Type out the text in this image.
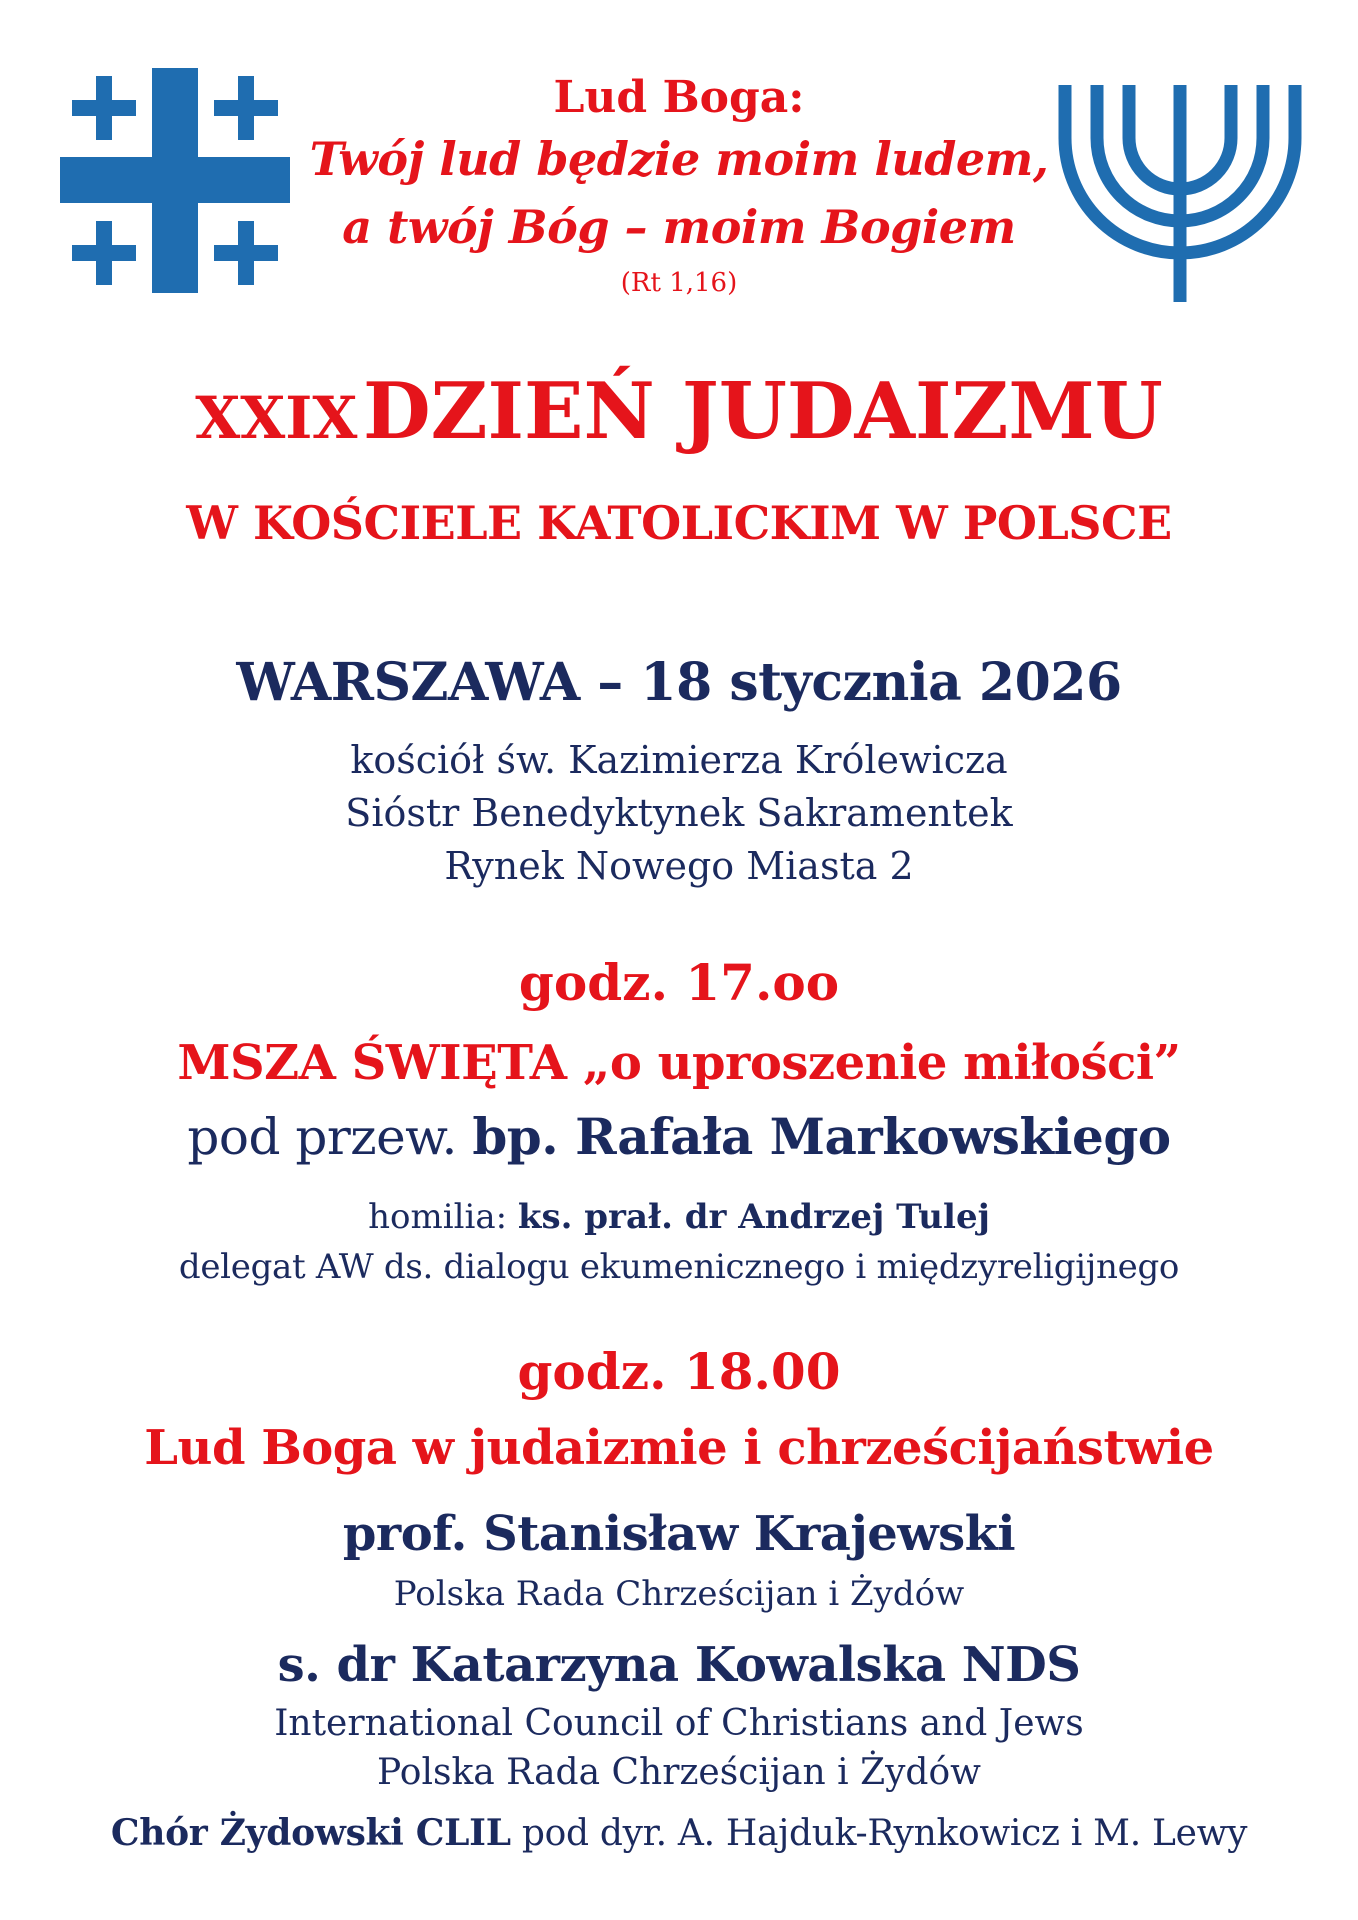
Lud Boga:
Twój lud będzie moim ludem,
a twój Bóg – moim Bogiem
(Rt 1,16)
XXIX DZIEŃ JUDAIZMU
W KOŚCIELE KATOLICKIM W POLSCE
WARSZAWA – 18 stycznia 2026
kościół św. Kazimierza Królewicza
Sióstr Benedyktynek Sakramentek
Rynek Nowego Miasta 2
godz. 17.oo
MSZA ŚWIĘTA „o uproszenie miłości”
pod przew. bp. Rafała Markowskiego
homilia: ks. prał. dr Andrzej Tulej
delegat AW ds. dialogu ekumenicznego i międzyreligijnego
godz. 18.00
Lud Boga w judaizmie i chrześcijaństwie
prof. Stanisław Krajewski
Polska Rada Chrześcijan i Żydów
s. dr Katarzyna Kowalska NDS
International Council of Christians and Jews
Polska Rada Chrześcijan i Żydów
Chór Żydowski CLIL pod dyr. A. Hajduk-Rynkowicz i M. Lewy
